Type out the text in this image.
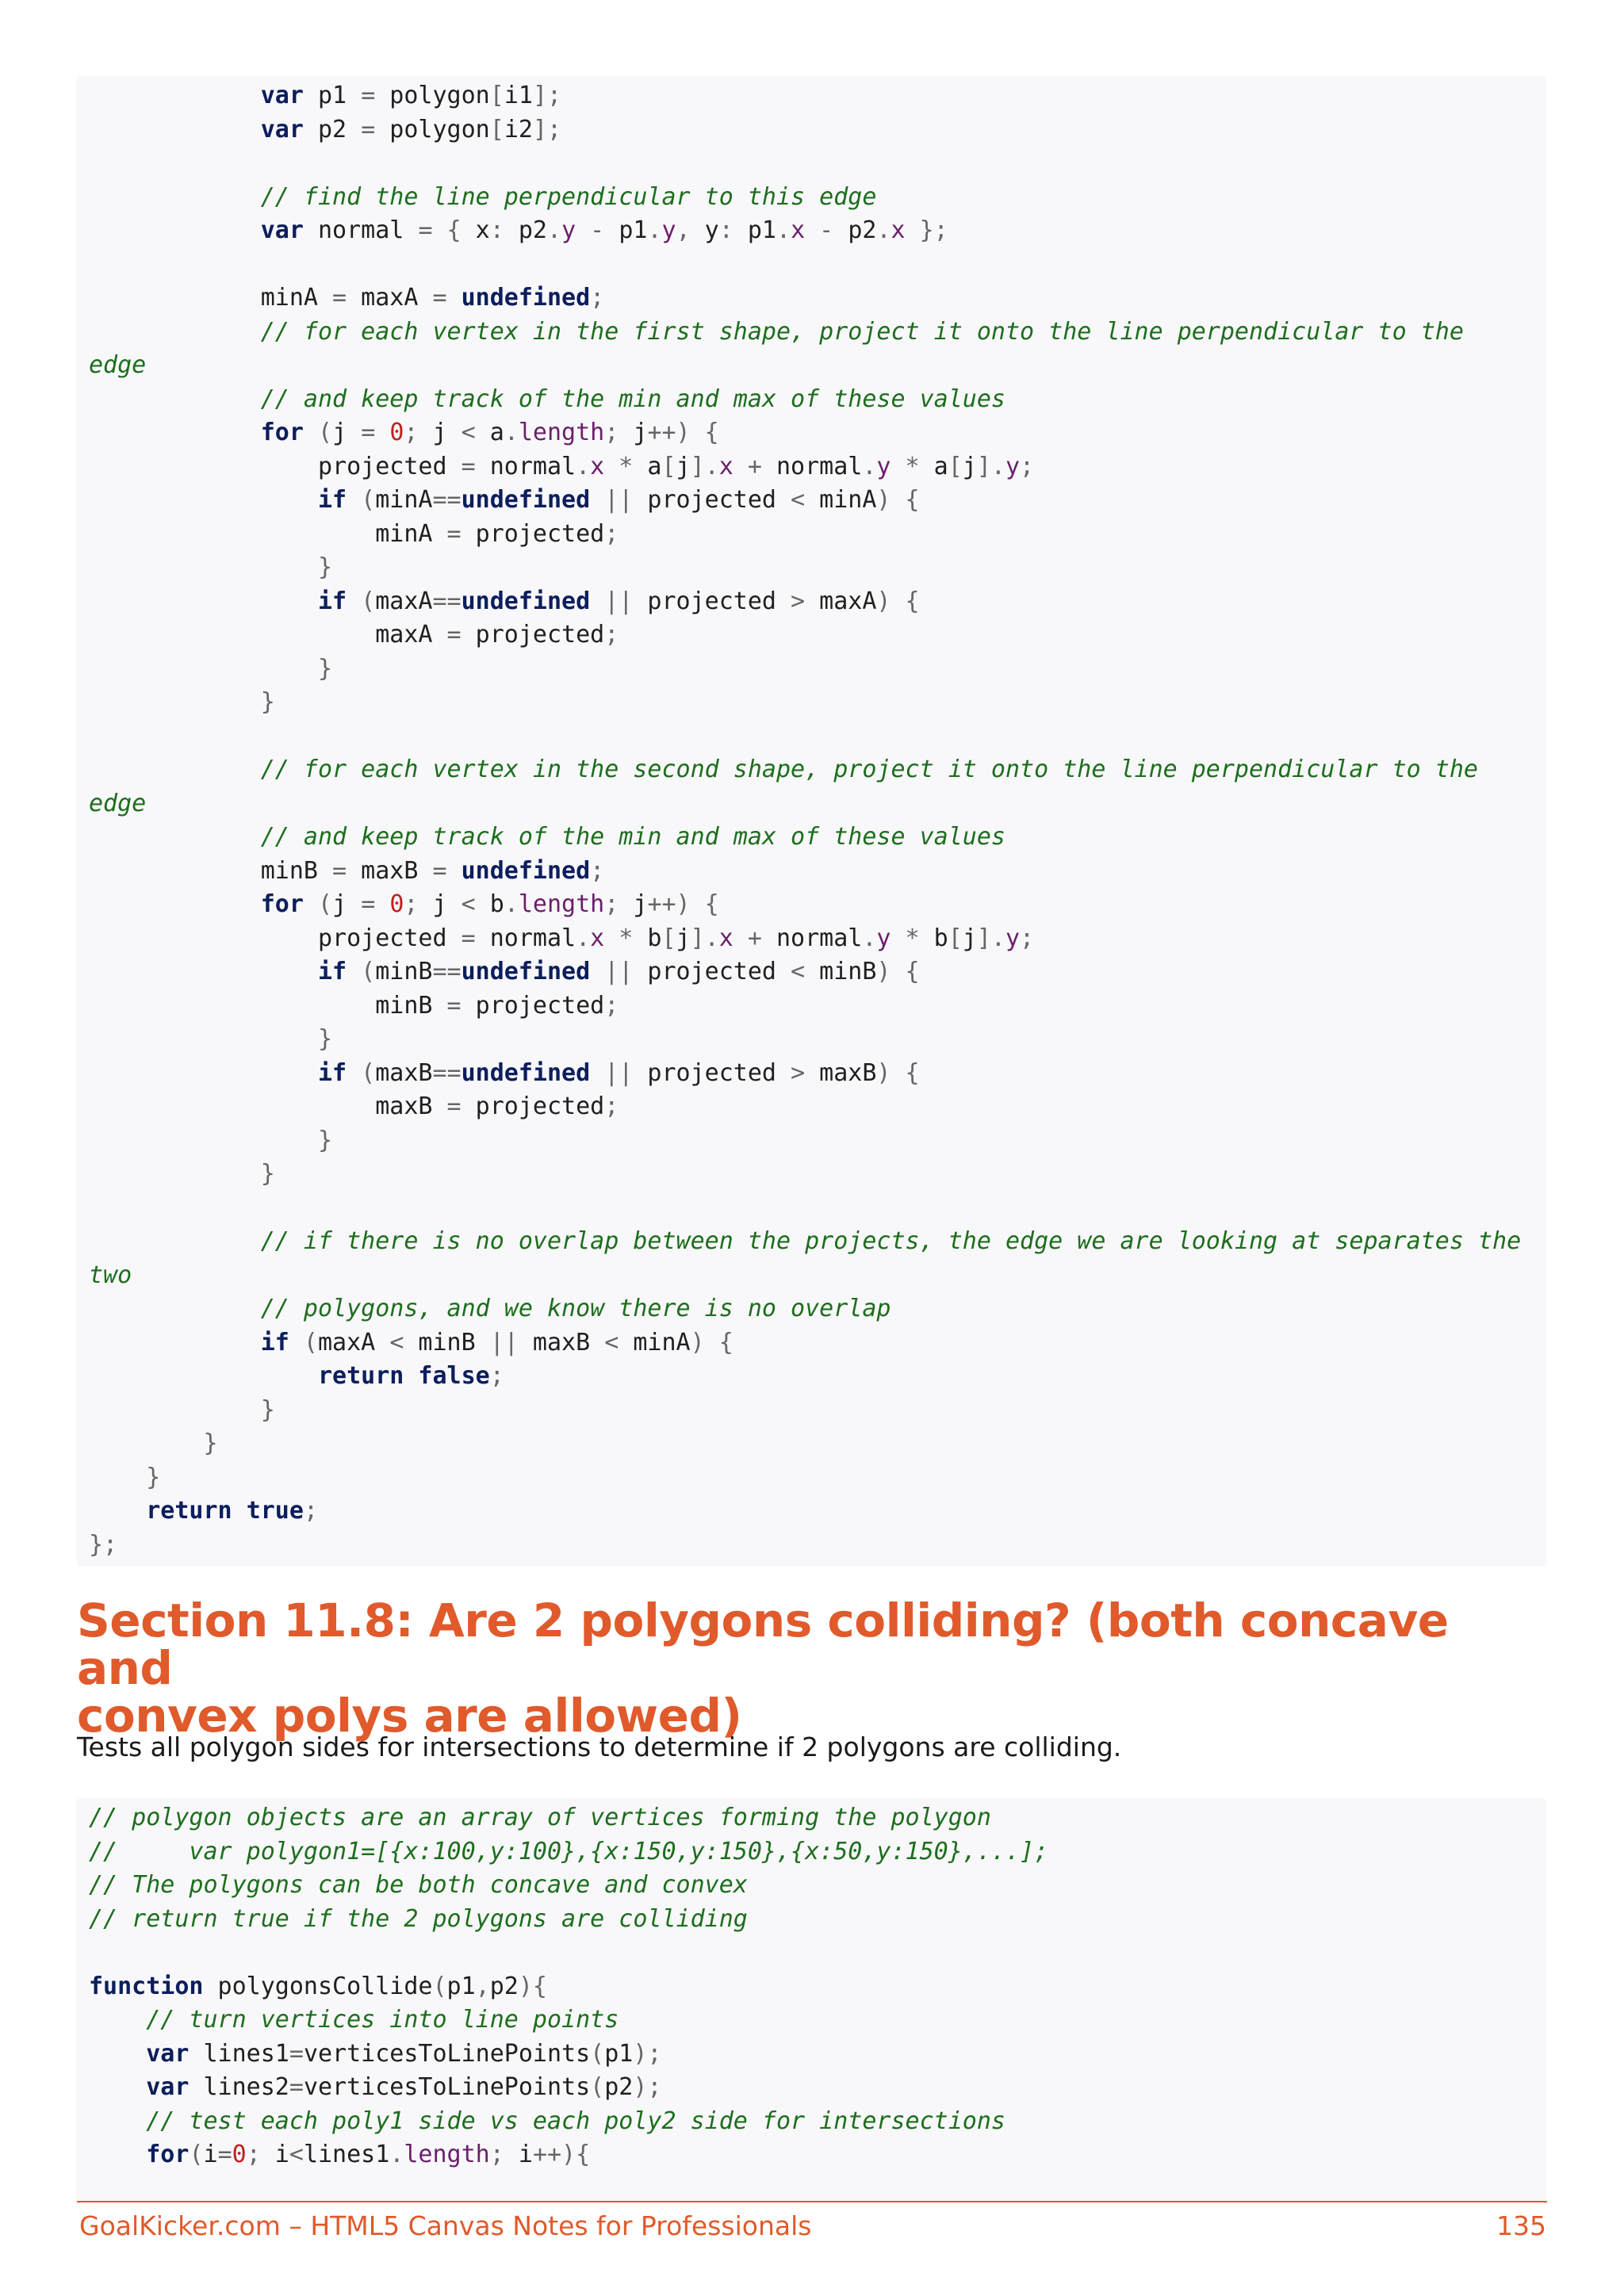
var p1 = polygon[i1];
var p2 = polygon[i2];

// find the line perpendicular to this edge
var normal = { x: p2.y - p1.y, y: p1.x - p2.x };

minA = maxA = undefined;
// for each vertex in the first shape, project it onto the line perpendicular to the
edge
// and keep track of the min and max of these values
for (j = 0; j < a.length; j++) {
projected = normal.x * a[j].x + normal.y * a[j].y;
if (minA==undefined || projected < minA) {
minA = projected;
}
if (maxA==undefined || projected > maxA) {
maxA = projected;
}
}

// for each vertex in the second shape, project it onto the line perpendicular to the
edge
// and keep track of the min and max of these values
minB = maxB = undefined;
for (j = 0; j < b.length; j++) {
projected = normal.x * b[j].x + normal.y * b[j].y;
if (minB==undefined || projected < minB) {
minB = projected;
}
if (maxB==undefined || projected > maxB) {
maxB = projected;
}
}

// if there is no overlap between the projects, the edge we are looking at separates the
two
// polygons, and we know there is no overlap
if (maxA < minB || maxB < minA) {
return false;
}
}
}
return true;
};
Section 11.8: Are 2 polygons colliding? (both concave and
convex polys are allowed)

Tests all polygon sides for intersections to determine if 2 polygons are colliding.

// polygon objects are an array of vertices forming the polygon
//     var polygon1=[{x:100,y:100},{x:150,y:150},{x:50,y:150},...];
// The polygons can be both concave and convex
// return true if the 2 polygons are colliding

function polygonsCollide(p1,p2){
// turn vertices into line points
var lines1=verticesToLinePoints(p1);
var lines2=verticesToLinePoints(p2);
// test each poly1 side vs each poly2 side for intersections
for(i=0; i<lines1.length; i++){
GoalKicker.com – HTML5 Canvas Notes for Professionals	135
